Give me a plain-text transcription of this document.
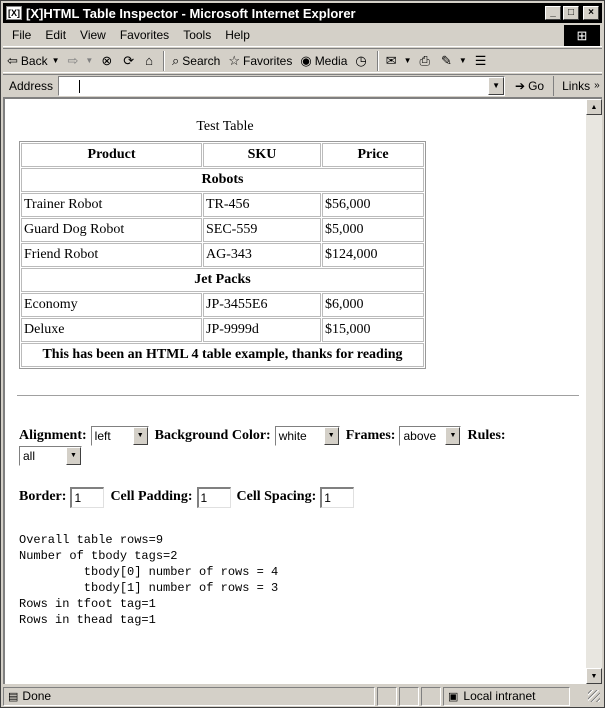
[X] [X]HTML Table Inspector - Microsoft Internet Explorer	_	□	×
File	Edit	View	Favorites	Tools	Help	⊞
⇦ Back ▼ ⇨ ▼ ⊗ ⟳ ⌂ ⌕ Search ☆ Favorites ◉ Media ◷ ✉ ▼ ⎙ ✎ ▼ ☰
Address	▼	➔ Go Links »
Test Table
Product	SKU	Price
Robots		
Trainer Robot	TR-456	$56,000
Guard Dog Robot	SEC-559	$5,000
Friend Robot	AG-343	$124,000
Jet Packs		
Economy	JP-3455E6	$6,000
Deluxe	JP-9999d	$15,000
This has been an HTML 4 table example, thanks for reading		
Alignment: left	▼ Background Color: white	▼ Frames: above	▼ Rules:
all	▼
Border: 1	Cell Padding: 1	Cell Spacing: 1
Overall table rows=9
Number of tbody tags=2
tbody[0] number of rows = 4
tbody[1] number of rows = 3
Rows in tfoot tag=1
Rows in thead tag=1
▲
▼
▤ Done	▣ Local intranet
